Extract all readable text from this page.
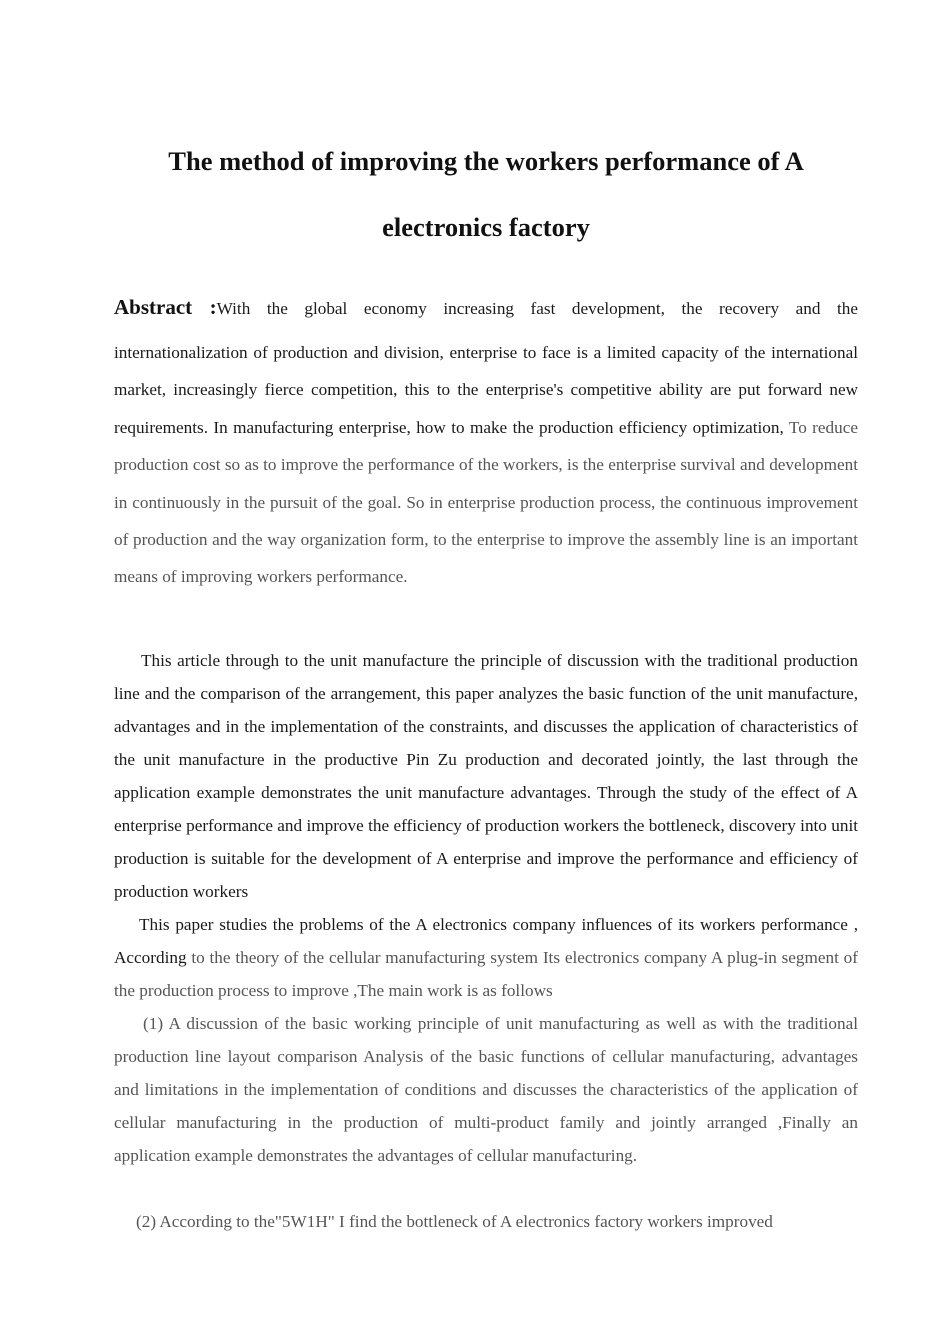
The method of improving the workers performance of A
electronics factory
Abstract :With the global economy increasing fast development, the recovery and the

internationalization of production and division, enterprise to face is a limited capacity of the international market, increasingly fierce competition, this to the enterprise's competitive ability are put forward new requirements. In manufacturing enterprise, how to make the production efficiency optimization, To reduce production cost so as to improve the performance of the workers, is the enterprise survival and development in continuously in the pursuit of the goal. So in enterprise production process, the continuous improvement of production and the way organization form, to the enterprise to improve the assembly line is an important means of improving workers performance.

This article through to the unit manufacture the principle of discussion with the traditional production line and the comparison of the arrangement, this paper analyzes the basic function of the unit manufacture, advantages and in the implementation of the constraints, and discusses the application of characteristics of the unit manufacture in the productive Pin Zu production and decorated jointly, the last through the application example demonstrates the unit manufacture advantages. Through the study of the effect of A enterprise performance and improve the efficiency of production workers the bottleneck, discovery into unit production is suitable for the development of A enterprise and improve the performance and efficiency of production workers

This paper studies the problems of the A electronics company influences of its workers performance , According to the theory of the cellular manufacturing system Its electronics company A plug-in segment of the production process to improve ,The main work is as follows

(1) A discussion of the basic working principle of unit manufacturing as well as with the traditional production line layout comparison Analysis of the basic functions of cellular manufacturing, advantages and limitations in the implementation of conditions and discusses the characteristics of the application of cellular manufacturing in the production of multi-product family and jointly arranged ,Finally an application example demonstrates the advantages of cellular manufacturing.

(2) According to the"5W1H" I find the bottleneck of A electronics factory workers improved
